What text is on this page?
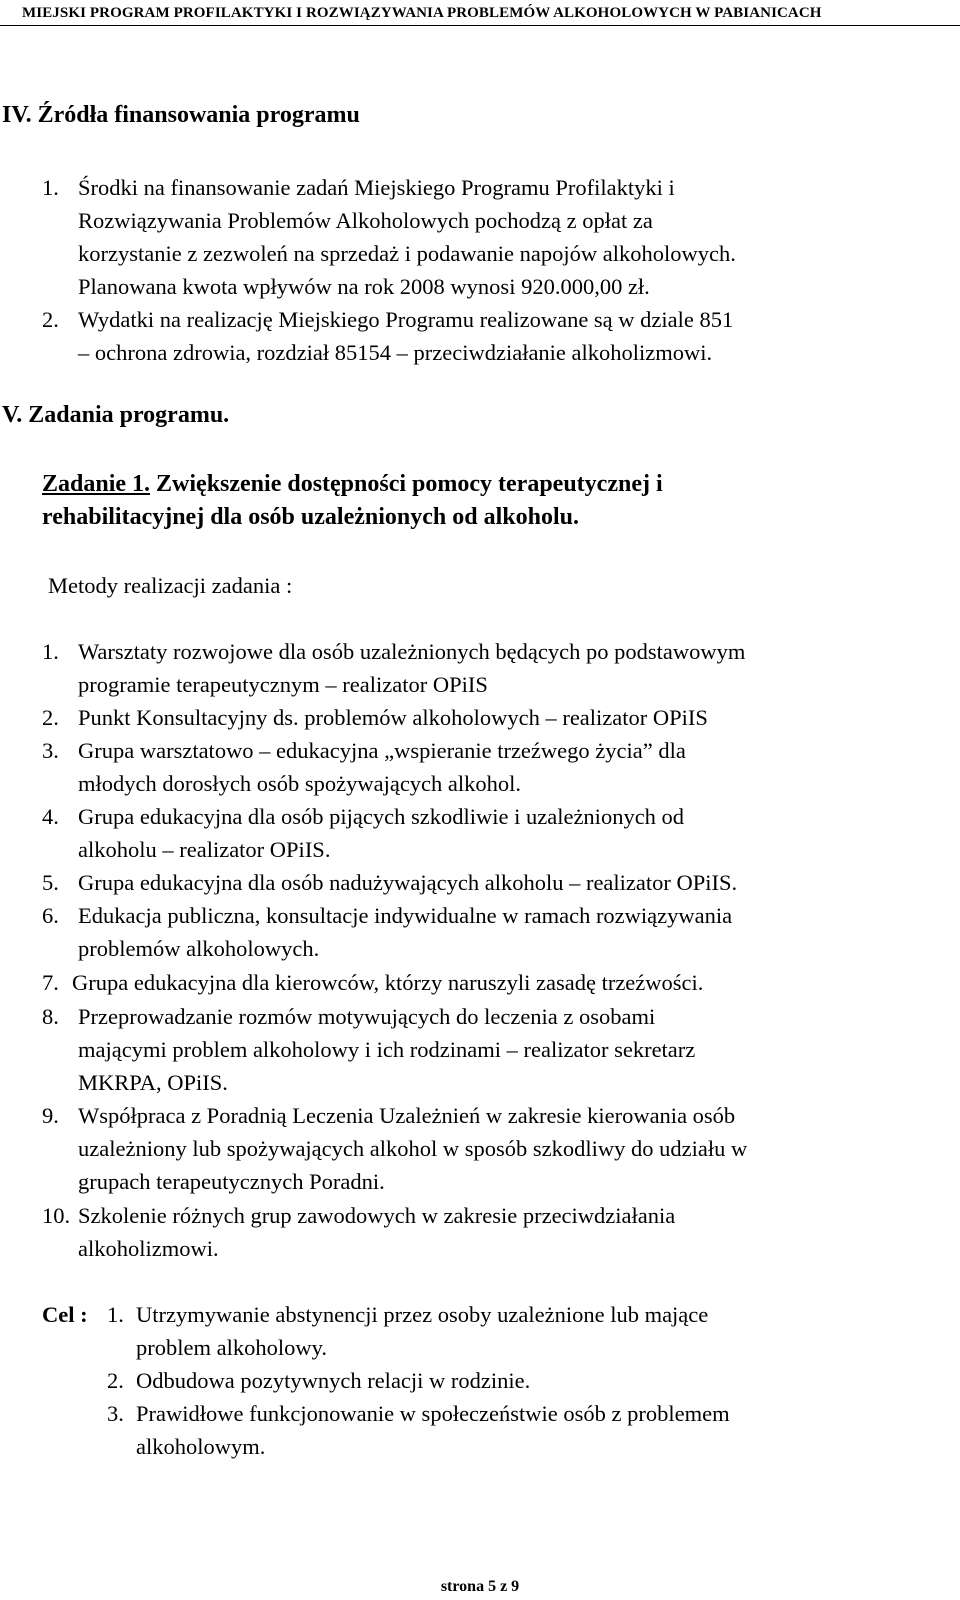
MIEJSKI PROGRAM PROFILAKTYKI I ROZWIĄZYWANIA PROBLEMÓW ALKOHOLOWYCH W PABIANICACH
IV. Źródła finansowania programu
1. Środki na finansowanie zadań Miejskiego Programu Profilaktyki i
Rozwiązywania Problemów Alkoholowych pochodzą z opłat za
korzystanie z zezwoleń na sprzedaż i podawanie napojów alkoholowych.
Planowana kwota wpływów na rok 2008 wynosi 920.000,00 zł.
2. Wydatki na realizację Miejskiego Programu realizowane są w dziale 851
– ochrona zdrowia, rozdział 85154 – przeciwdziałanie alkoholizmowi.
V. Zadania programu.
Zadanie 1. Zwiększenie dostępności pomocy terapeutycznej i
rehabilitacyjnej dla osób uzależnionych od alkoholu.
Metody realizacji zadania :
1. Warsztaty rozwojowe dla osób uzależnionych będących po podstawowym
programie terapeutycznym – realizator OPiIS
2. Punkt Konsultacyjny ds. problemów alkoholowych – realizator OPiIS
3. Grupa warsztatowo – edukacyjna „wspieranie trzeźwego życia” dla
młodych dorosłych osób spożywających alkohol.
4. Grupa edukacyjna dla osób pijących szkodliwie i uzależnionych od
alkoholu – realizator OPiIS.
5. Grupa edukacyjna dla osób nadużywających alkoholu – realizator OPiIS.
6. Edukacja publiczna, konsultacje indywidualne w ramach rozwiązywania
problemów alkoholowych.
7. Grupa edukacyjna dla kierowców, którzy naruszyli zasadę trzeźwości.
8. Przeprowadzanie rozmów motywujących do leczenia z osobami
mającymi problem alkoholowy i ich rodzinami – realizator sekretarz
MKRPA, OPiIS.
9. Współpraca z Poradnią Leczenia Uzależnień w zakresie kierowania osób
uzależniony lub spożywających alkohol w sposób szkodliwy do udziału w
grupach terapeutycznych Poradni.
10. Szkolenie różnych grup zawodowych w zakresie przeciwdziałania
alkoholizmowi.
Cel : 1. Utrzymywanie abstynencji przez osoby uzależnione lub mające
problem alkoholowy.
2. Odbudowa pozytywnych relacji w rodzinie.
3. Prawidłowe funkcjonowanie w społeczeństwie osób z problemem
alkoholowym.
strona 5 z 9
